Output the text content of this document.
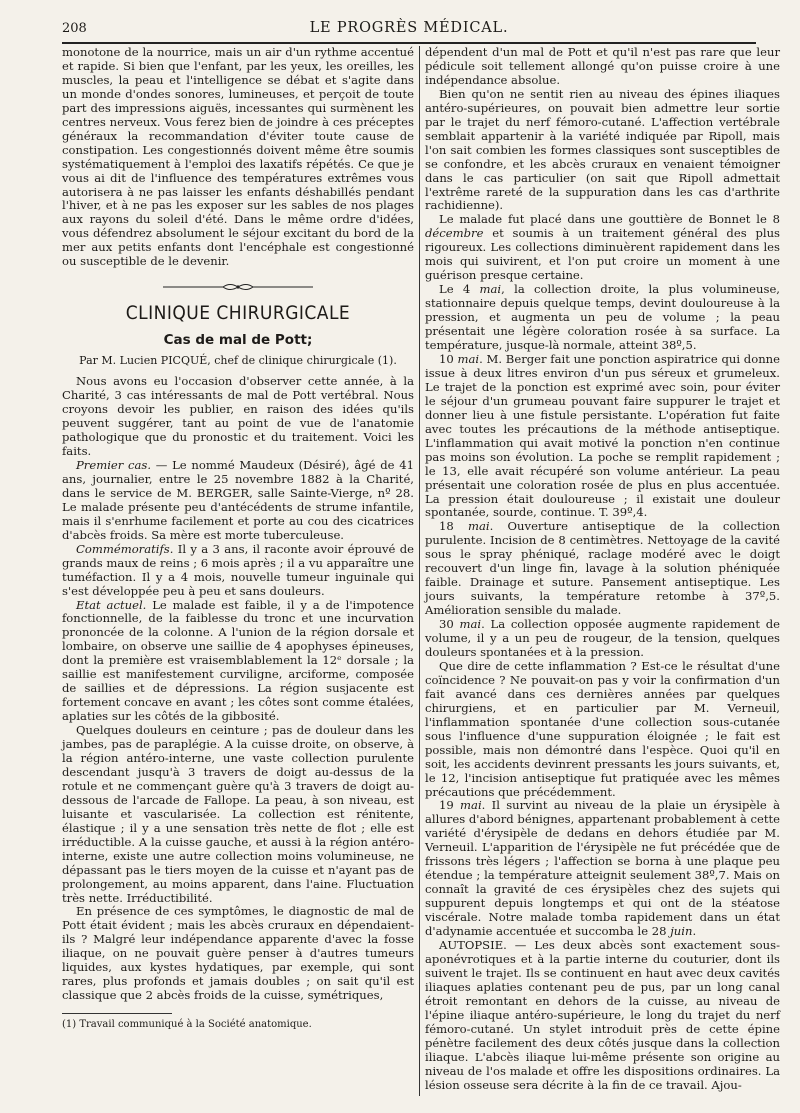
208	LE PROGRÈS MÉDICAL.

monotone de la nourrice, mais un air d'un rythme accentué et rapide. Si bien que l'enfant, par les yeux, les oreilles, les muscles, la peau et l'intelligence se débat et s'agite dans un monde d'ondes sonores, lumineuses, et perçoit de toute part des impressions aiguës, incessantes qui surmènent les centres nerveux. Vous ferez bien de joindre à ces préceptes généraux la recommandation d'éviter toute cause de constipation. Les congestionnés doivent même être soumis systématiquement à l'emploi des laxatifs répétés. Ce que je vous ai dit de l'influence des températures extrêmes vous autorisera à ne pas laisser les enfants déshabillés pendant l'hiver, et à ne pas les exposer sur les sables de nos plages aux rayons du soleil d'été. Dans le même ordre d'idées, vous défendrez absolument le séjour excitant du bord de la mer aux petits enfants dont l'encéphale est congestionné ou susceptible de le devenir.

CLINIQUE CHIRURGICALE
Cas de mal de Pott;
Par M. Lucien PICQUÉ, chef de clinique chirurgicale (1).

Nous avons eu l'occasion d'observer cette année, à la Charité, 3 cas intéressants de mal de Pott vertébral. Nous croyons devoir les publier, en raison des idées qu'ils peuvent suggérer, tant au point de vue de l'anatomie pathologique que du pronostic et du traitement. Voici les faits.

Premier cas. — Le nommé Maudeux (Désiré), âgé de 41 ans, journalier, entre le 25 novembre 1882 à la Charité, dans le service de M. BERGER, salle Sainte-Vierge, nº 28. Le malade présente peu d'antécédents de strume infantile, mais il s'enrhume facilement et porte au cou des cicatrices d'abcès froids. Sa mère est morte tuberculeuse.

Commémoratifs. Il y a 3 ans, il raconte avoir éprouvé de grands maux de reins ; 6 mois après ; il a vu apparaître une tuméfaction. Il y a 4 mois, nouvelle tumeur inguinale qui s'est développée peu à peu et sans douleurs.

Etat actuel. Le malade est faible, il y a de l'impotence fonctionnelle, de la faiblesse du tronc et une incurvation prononcée de la colonne. A l'union de la région dorsale et lombaire, on observe une saillie de 4 apophyses épineuses, dont la première est vraisemblablement la 12ᵉ dorsale ; la saillie est manifestement curviligne, arciforme, composée de saillies et de dépressions. La région susjacente est fortement concave en avant ; les côtes sont comme étalées, aplaties sur les côtés de la gibbosité.

Quelques douleurs en ceinture ; pas de douleur dans les jambes, pas de paraplégie. A la cuisse droite, on observe, à la région antéro-interne, une vaste collection purulente descendant jusqu'à 3 travers de doigt au-dessus de la rotule et ne commençant guère qu'à 3 travers de doigt au-dessous de l'arcade de Fallope. La peau, à son niveau, est luisante et vascularisée. La collection est rénitente, élastique ; il y a une sensation très nette de flot ; elle est irréductible. A la cuisse gauche, et aussi à la région antéro-interne, existe une autre collection moins volumineuse, ne dépassant pas le tiers moyen de la cuisse et n'ayant pas de prolongement, au moins apparent, dans l'aine. Fluctuation très nette. Irréductibilité.

En présence de ces symptômes, le diagnostic de mal de Pott était évident ; mais les abcès cruraux en dépendaient-ils ? Malgré leur indépendance apparente d'avec la fosse iliaque, on ne pouvait guère penser à d'autres tumeurs liquides, aux kystes hydatiques, par exemple, qui sont rares, plus profonds et jamais doubles ; on sait qu'il est classique que 2 abcès froids de la cuisse, symétriques,

(1) Travail communiqué à la Société anatomique.

dépendent d'un mal de Pott et qu'il n'est pas rare que leur pédicule soit tellement allongé qu'on puisse croire à une indépendance absolue.

Bien qu'on ne sentit rien au niveau des épines iliaques antéro-supérieures, on pouvait bien admettre leur sortie par le trajet du nerf fémoro-cutané. L'affection vertébrale semblait appartenir à la variété indiquée par Ripoll, mais l'on sait combien les formes classiques sont susceptibles de se confondre, et les abcès cruraux en venaient témoigner dans le cas particulier (on sait que Ripoll admettait l'extrême rareté de la suppuration dans les cas d'arthrite rachidienne).

Le malade fut placé dans une gouttière de Bonnet le 8 décembre et soumis à un traitement général des plus rigoureux. Les collections diminuèrent rapidement dans les mois qui suivirent, et l'on put croire un moment à une guérison presque certaine.

Le 4 mai, la collection droite, la plus volumineuse, stationnaire depuis quelque temps, devint douloureuse à la pression, et augmenta un peu de volume ; la peau présentait une légère coloration rosée à sa surface. La température, jusque-là normale, atteint 38º,5.

10 mai. M. Berger fait une ponction aspiratrice qui donne issue à deux litres environ d'un pus séreux et grumeleux. Le trajet de la ponction est exprimé avec soin, pour éviter le séjour d'un grumeau pouvant faire suppurer le trajet et donner lieu à une fistule persistante. L'opération fut faite avec toutes les précautions de la méthode antiseptique. L'inflammation qui avait motivé la ponction n'en continue pas moins son évolution. La poche se remplit rapidement ; le 13, elle avait récupéré son volume antérieur. La peau présentait une coloration rosée de plus en plus accentuée. La pression était douloureuse ; il existait une douleur spontanée, sourde, continue. T. 39º,4.

18 mai. Ouverture antiseptique de la collection purulente. Incision de 8 centimètres. Nettoyage de la cavité sous le spray phéniqué, raclage modéré avec le doigt recouvert d'un linge fin, lavage à la solution phéniquée faible. Drainage et suture. Pansement antiseptique. Les jours suivants, la température retombe à 37º,5. Amélioration sensible du malade.

30 mai. La collection opposée augmente rapidement de volume, il y a un peu de rougeur, de la tension, quelques douleurs spontanées et à la pression.

Que dire de cette inflammation ? Est-ce le résultat d'une coïncidence ? Ne pouvait-on pas y voir la confirmation d'un fait avancé dans ces dernières années par quelques chirurgiens, et en particulier par M. Verneuil, l'inflammation spontanée d'une collection sous-cutanée sous l'influence d'une suppuration éloignée ; le fait est possible, mais non démontré dans l'espèce. Quoi qu'il en soit, les accidents devinrent pressants les jours suivants, et, le 12, l'incision antiseptique fut pratiquée avec les mêmes précautions que précédemment.

19 mai. Il survint au niveau de la plaie un érysipèle à allures d'abord bénignes, appartenant probablement à cette variété d'érysipèle de dedans en dehors étudiée par M. Verneuil. L'apparition de l'érysipèle ne fut précédée que de frissons très légers ; l'affection se borna à une plaque peu étendue ; la température atteignit seulement 38º,7. Mais on connaît la gravité de ces érysipèles chez des sujets qui suppurent depuis longtemps et qui ont de la stéatose viscérale. Notre malade tomba rapidement dans un état d'adynamie accentuée et succomba le 28 juin.

AUTOPSIE. — Les deux abcès sont exactement sous-aponévrotiques et à la partie interne du couturier, dont ils suivent le trajet. Ils se continuent en haut avec deux cavités iliaques aplaties contenant peu de pus, par un long canal étroit remontant en dehors de la cuisse, au niveau de l'épine iliaque antéro-supérieure, le long du trajet du nerf fémoro-cutané. Un stylet introduit près de cette épine pénètre facilement des deux côtés jusque dans la collection iliaque. L'abcès iliaque lui-même présente son origine au niveau de l'os malade et offre les dispositions ordinaires. La lésion osseuse sera décrite à la fin de ce travail. Ajou-
